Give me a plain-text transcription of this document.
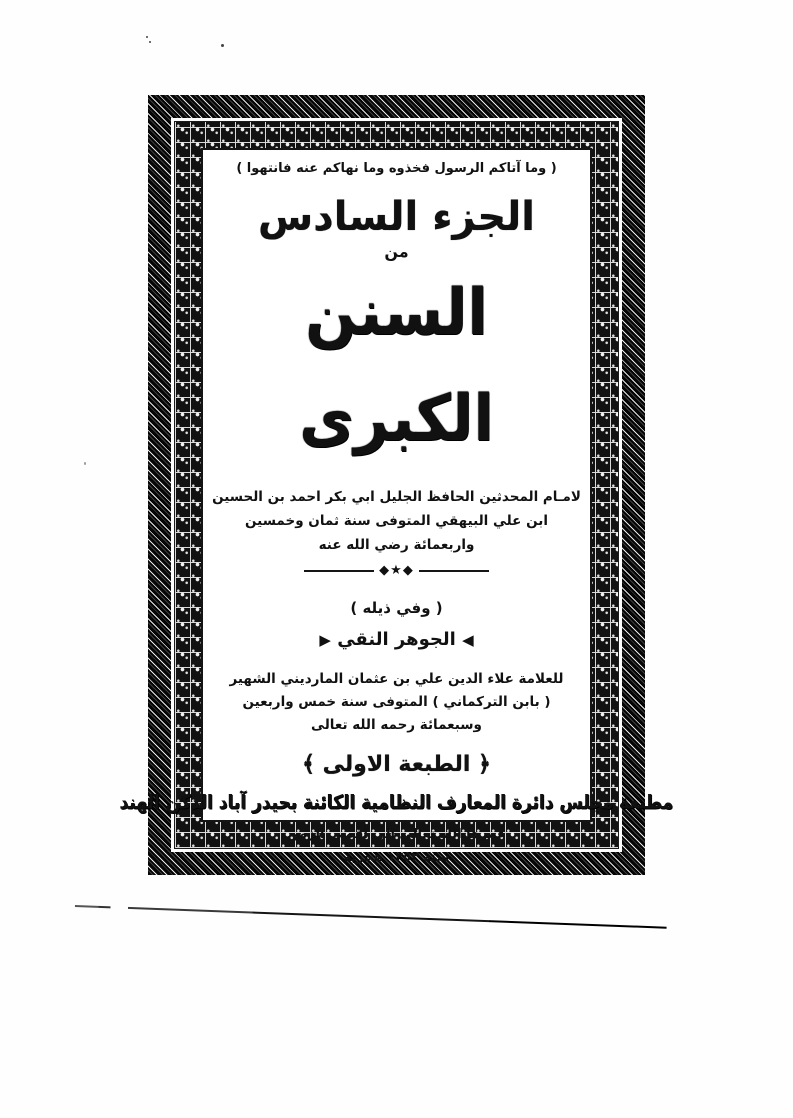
( وما آتاكم الرسول فخذوه وما نهاكم عنه فانتهوا )
الجزء السادس
من
السنن الكبرى
لامـام المحدثين الحافظ الجليل ابي بكر احمد بن الحسين
ابن علي البيهقي المتوفى سنة ثمان وخمسين
واربعمائة رضي الله عنه
◆★◆
( وفي ذيله )
◀ الجوهر النقي ▶
للعلامة علاء الدين علي بن عثمان المارديني الشهير
( بابن التركماني ) المتوفى سنة خمس واربعين
وسبعمائة رحمه الله تعالى
﴿ الطبعة الاولى ﴾
مطبعة مجلس دائرة المعارف النظامية الكائنة بحيدر آباد الدكن الهند
عمرها الله تعالى الى اقصى الزمن
سنة ١٣٥٢ هجرية
